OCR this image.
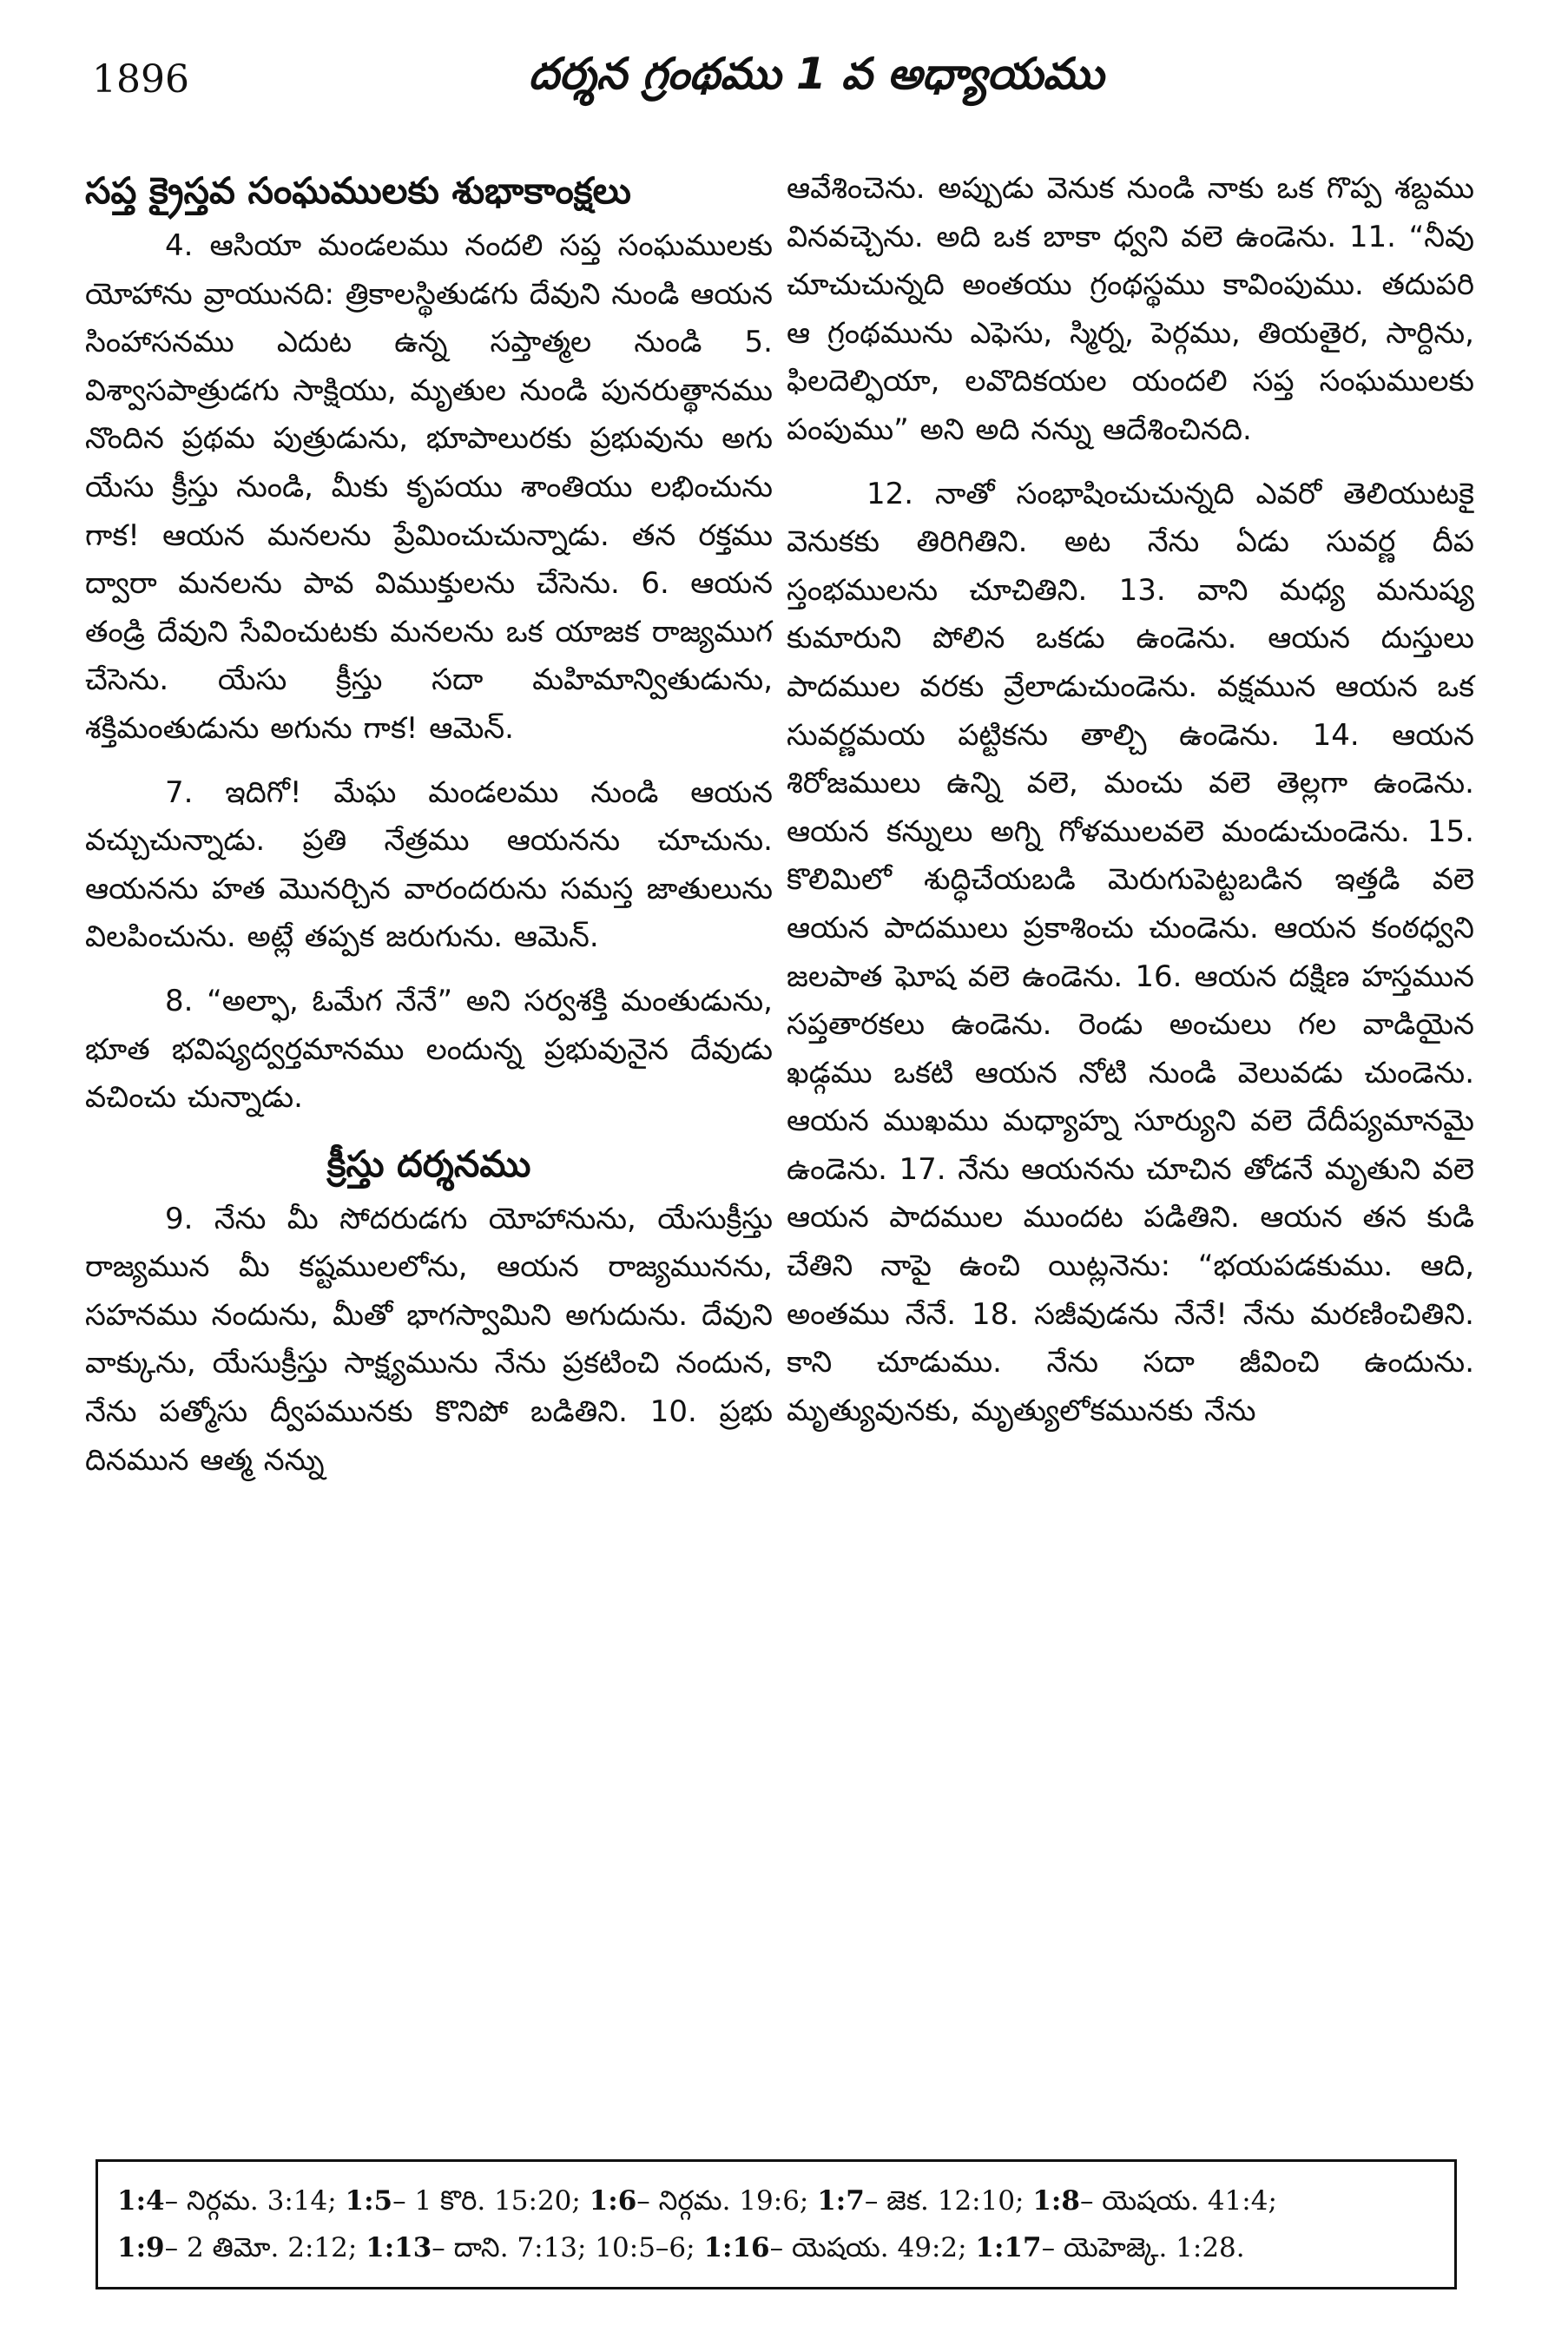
1896	దర్శన గ్రంథము 1 వ అధ్యాయము
సప్త క్రైస్తవ సంఘములకు శుభాకాంక్షలు

4. ఆసియా మండలము నందలి సప్త సంఘములకు యోహాను వ్రాయునది: త్రికాలస్థితుడగు దేవుని నుండి ఆయన సింహాసనము ఎదుట ఉన్న సప్తాత్మల నుండి 5. విశ్వాసపాత్రుడగు సాక్షియు, మృతుల నుండి పునరుత్థానము నొందిన ప్రథమ పుత్రుడును, భూపాలురకు ప్రభువును అగు యేసు క్రీస్తు నుండి, మీకు కృపయు శాంతియు లభించును గాక! ఆయన మనలను ప్రేమించుచున్నాడు. తన రక్తము ద్వారా మనలను పావ విముక్తులను చేసెను. 6. ఆయన తండ్రి దేవుని సేవించుటకు మనలను ఒక యాజక రాజ్యముగ చేసెను. యేసు క్రీస్తు సదా మహిమాన్వితుడును, శక్తిమంతుడును అగును గాక! ఆమెన్.

7. ఇదిగో! మేఘ మండలము నుండి ఆయన వచ్చుచున్నాడు. ప్రతి నేత్రము ఆయనను చూచును. ఆయనను హత మొనర్చిన వారందరును సమస్త జాతులును విలపించును. అట్లే తప్పక జరుగును. ఆమెన్.

8. “అల్ఫా, ఓమేగ నేనే” అని సర్వశక్తి మంతుడును, భూత భవిష్యద్వర్తమానము లందున్న ప్రభువునైన దేవుడు వచించు చున్నాడు.

క్రీస్తు దర్శనము

9. నేను మీ సోదరుడగు యోహానును, యేసుక్రీస్తు రాజ్యమున మీ కష్టములలోను, ఆయన రాజ్యమునను, సహనము నందును, మీతో భాగస్వామిని అగుదును. దేవుని వాక్కును, యేసుక్రీస్తు సాక్ష్యమును నేను ప్రకటించి నందున, నేను పత్మోసు ద్వీపమునకు కొనిపో బడితిని. 10. ప్రభు దినమున ఆత్మ నన్ను

ఆవేశించెను. అప్పుడు వెనుక నుండి నాకు ఒక గొప్ప శబ్దము వినవచ్చెను. అది ఒక బాకా ధ్వని వలె ఉండెను. 11. “నీవు చూచుచున్నది అంతయు గ్రంథస్థము కావింపుము. తదుపరి ఆ గ్రంథమును ఎఫెసు, స్మిర్న, పెర్గము, తియతైర, సార్దిను, ఫిలదెల్ఫియా, లవొదికయల యందలి సప్త సంఘములకు పంపుము” అని అది నన్ను ఆదేశించినది.

12. నాతో సంభాషించుచున్నది ఎవరో తెలియుటకై వెనుకకు తిరిగితిని. అట నేను ఏడు సువర్ణ దీప స్తంభములను చూచితిని. 13. వాని మధ్య మనుష్య కుమారుని పోలిన ఒకడు ఉండెను. ఆయన దుస్తులు పాదముల వరకు వ్రేలాడుచుండెను. వక్షమున ఆయన ఒక సువర్ణమయ పట్టికను తాల్చి ఉండెను. 14. ఆయన శిరోజములు ఉన్ని వలె, మంచు వలె తెల్లగా ఉండెను. ఆయన కన్నులు అగ్ని గోళములవలె మండుచుండెను. 15. కొలిమిలో శుద్ధిచేయబడి మెరుగుపెట్టబడిన ఇత్తడి వలె ఆయన పాదములు ప్రకాశించు చుండెను. ఆయన కంఠధ్వని జలపాత ఘోష వలె ఉండెను. 16. ఆయన దక్షిణ హస్తమున సప్తతారకలు ఉండెను. రెండు అంచులు గల వాడియైన ఖడ్గము ఒకటి ఆయన నోటి నుండి వెలువడు చుండెను. ఆయన ముఖము మధ్యాహ్న సూర్యుని వలె దేదీప్యమానమై ఉండెను. 17. నేను ఆయనను చూచిన తోడనే మృతుని వలె ఆయన పాదముల ముందట పడితిని. ఆయన తన కుడి చేతిని నాపై ఉంచి యిట్లనెను: “భయపడకుము. ఆది, అంతము నేనే. 18. సజీవుడను నేనే! నేను మరణించితిని. కాని చూడుము. నేను సదా జీవించి ఉందును. మృత్యువునకు, మృత్యులోకమునకు నేను

1:4– నిర్గమ. 3:14; 1:5– 1 కొరి. 15:20; 1:6– నిర్గమ. 19:6; 1:7– జెక. 12:10; 1:8– యెషయ. 41:4;
1:9– 2 తిమో. 2:12; 1:13– దాని. 7:13; 10:5–6; 1:16– యెషయ. 49:2; 1:17– యెహెజ్కె. 1:28.
